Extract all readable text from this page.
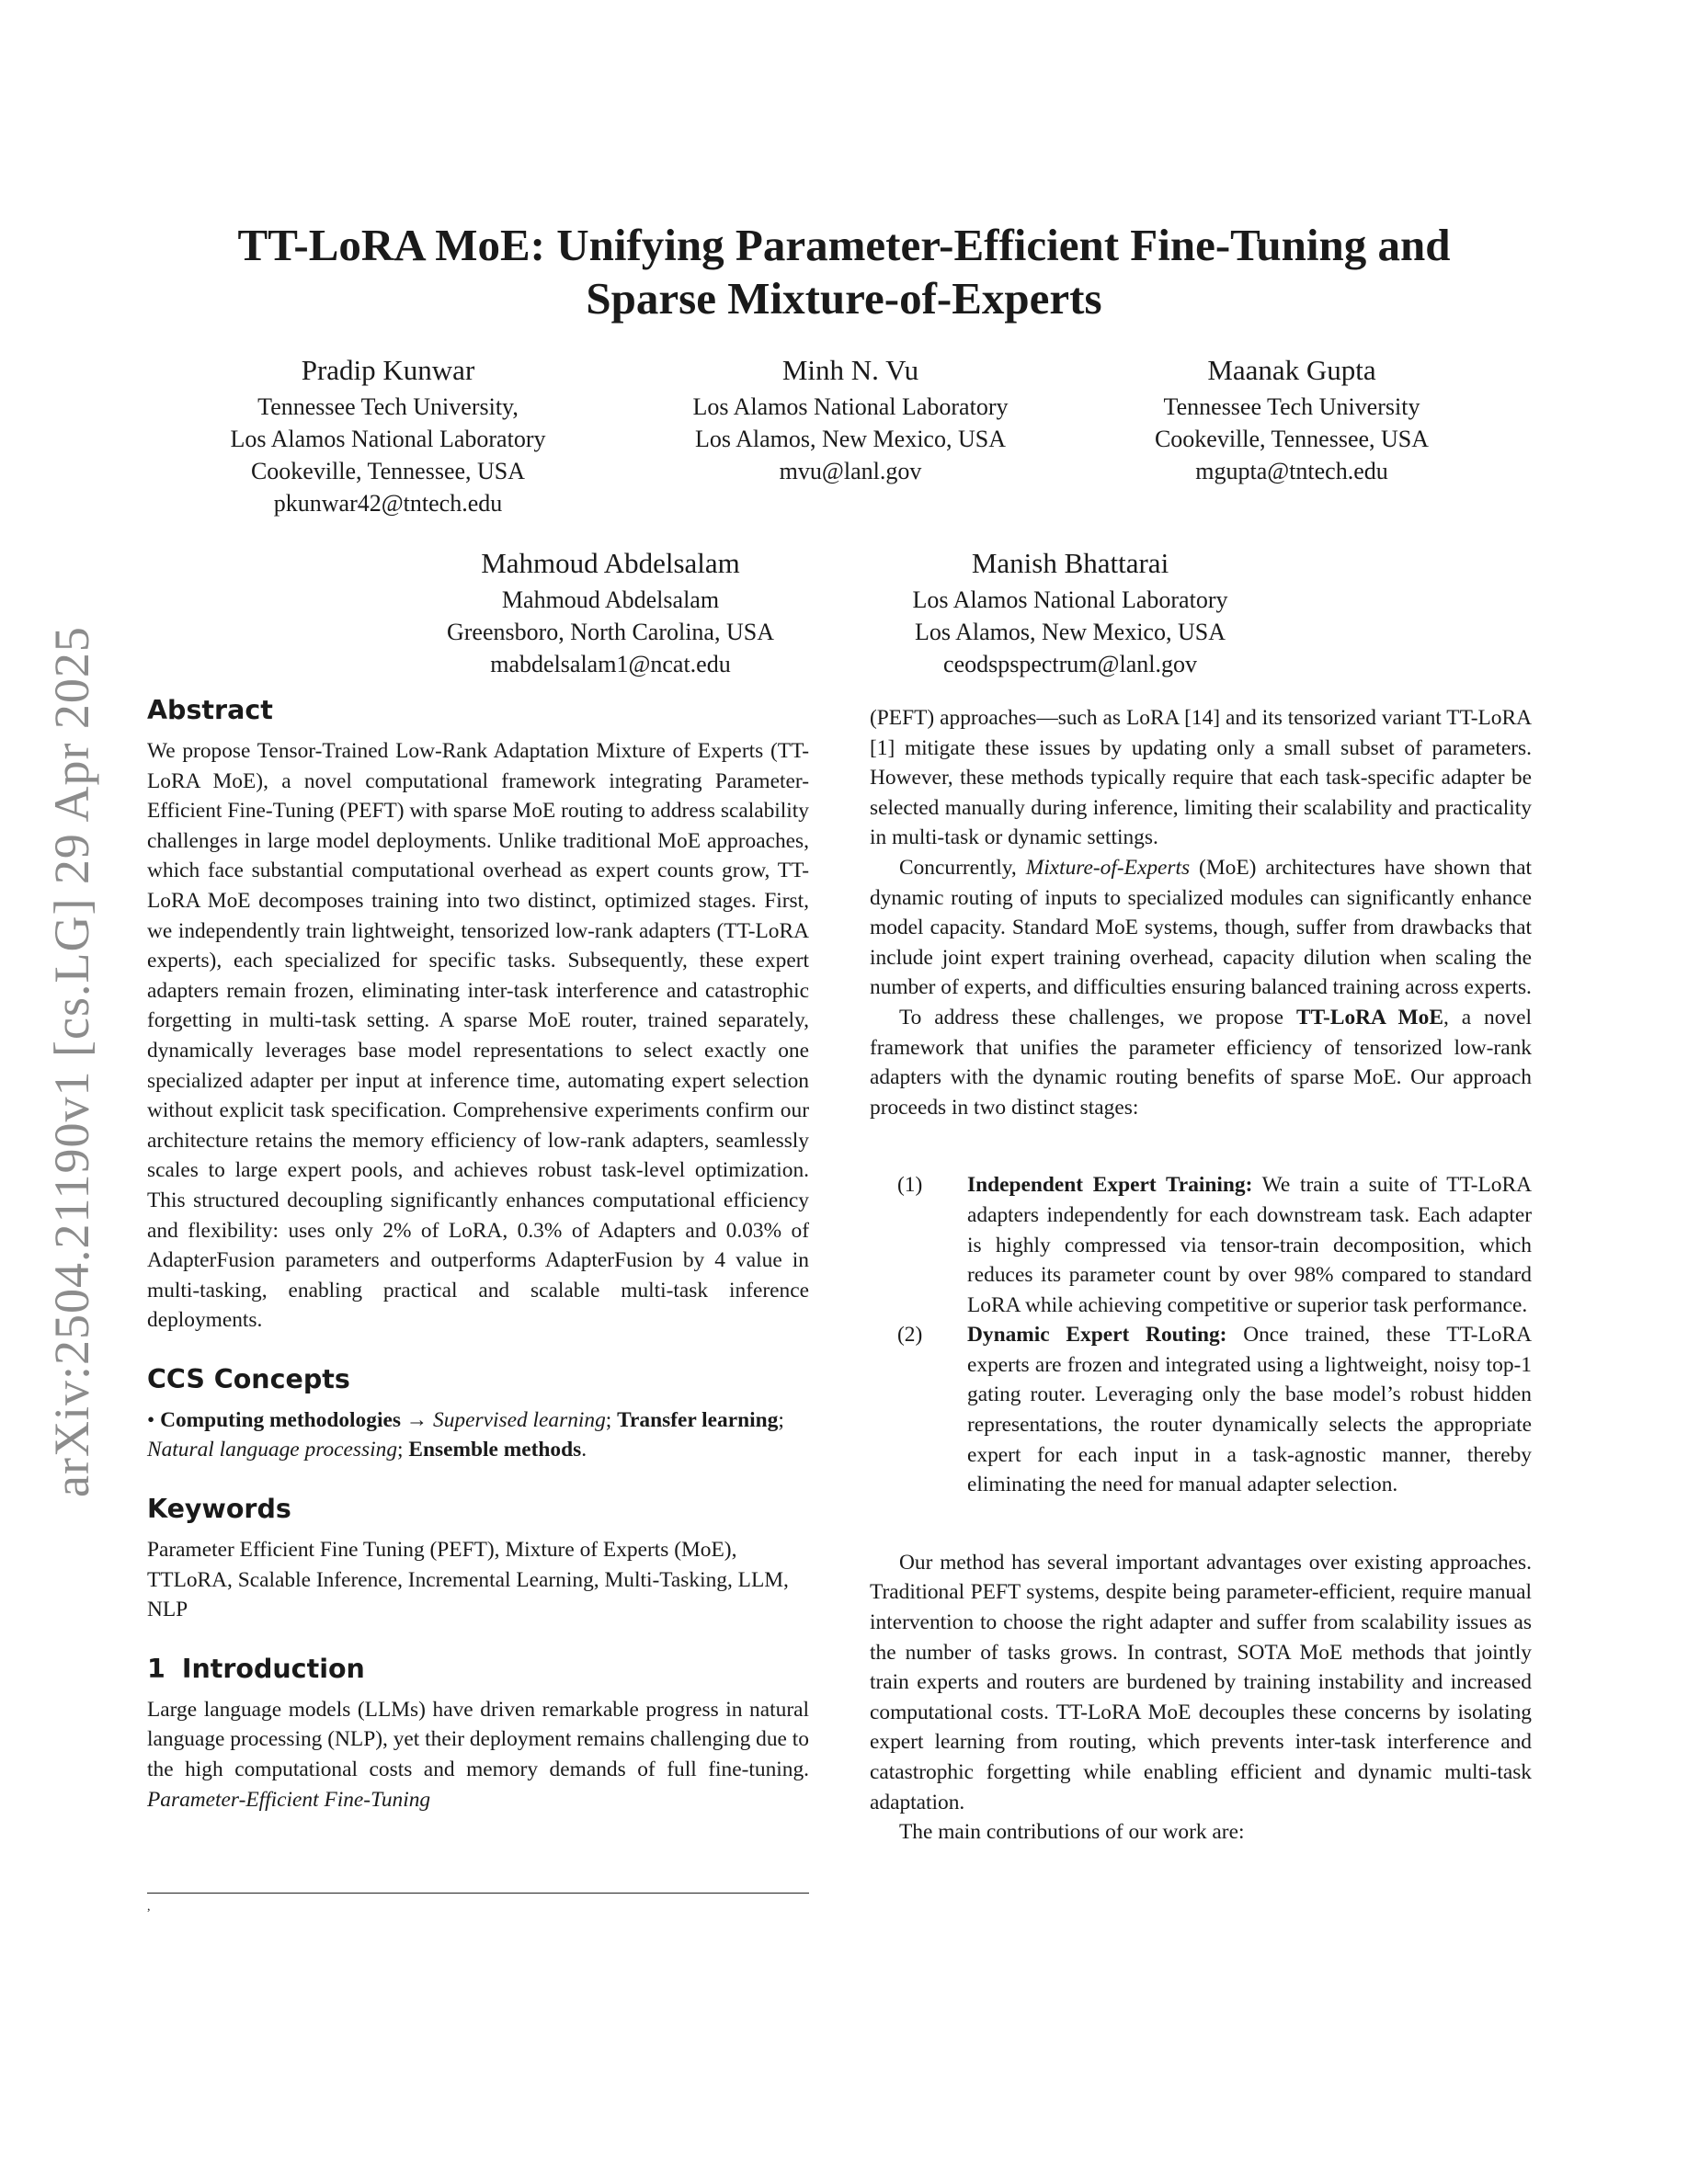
arXiv:2504.21190v1 [cs.LG] 29 Apr 2025
TT-LoRA MoE: Unifying Parameter-Efficient Fine-Tuning and
Sparse Mixture-of-Experts
Pradip Kunwar
Tennessee Tech University,
Los Alamos National Laboratory
Cookeville, Tennessee, USA
pkunwar42@tntech.edu
Minh N. Vu
Los Alamos National Laboratory
Los Alamos, New Mexico, USA
mvu@lanl.gov
Maanak Gupta
Tennessee Tech University
Cookeville, Tennessee, USA
mgupta@tntech.edu
Mahmoud Abdelsalam
Mahmoud Abdelsalam
Greensboro, North Carolina, USA
mabdelsalam1@ncat.edu
Manish Bhattarai
Los Alamos National Laboratory
Los Alamos, New Mexico, USA
ceodspspectrum@lanl.gov
Abstract

We propose Tensor-Trained Low-Rank Adaptation Mixture of Experts (TT-LoRA MoE), a novel computational framework integrating Parameter-Efficient Fine-Tuning (PEFT) with sparse MoE routing to address scalability challenges in large model deployments. Unlike traditional MoE approaches, which face substantial computational overhead as expert counts grow, TT-LoRA MoE decomposes training into two distinct, optimized stages. First, we independently train lightweight, tensorized low-rank adapters (TT-LoRA experts), each specialized for specific tasks. Subsequently, these expert adapters remain frozen, eliminating inter-task interference and catastrophic forgetting in multi-task setting. A sparse MoE router, trained separately, dynamically leverages base model representations to select exactly one specialized adapter per input at inference time, automating expert selection without explicit task specification. Comprehensive experiments confirm our architecture retains the memory efficiency of low-rank adapters, seamlessly scales to large expert pools, and achieves robust task-level optimization. This structured decoupling significantly enhances computational efficiency and flexibility: uses only 2% of LoRA, 0.3% of Adapters and 0.03% of AdapterFusion parameters and outperforms AdapterFusion by 4 value in multi-tasking, enabling practical and scalable multi-task inference deployments.

CCS Concepts

• Computing methodologies → Supervised learning; Transfer learning; Natural language processing; Ensemble methods.

Keywords

Parameter Efficient Fine Tuning (PEFT), Mixture of Experts (MoE), TTLoRA, Scalable Inference, Incremental Learning, Multi-Tasking, LLM, NLP

1 Introduction

Large language models (LLMs) have driven remarkable progress in natural language processing (NLP), yet their deployment remains challenging due to the high computational costs and memory demands of full fine-tuning. Parameter-Efficient Fine-Tuning

,

(PEFT) approaches—such as LoRA [14] and its tensorized variant TT-LoRA [1] mitigate these issues by updating only a small subset of parameters. However, these methods typically require that each task-specific adapter be selected manually during inference, limiting their scalability and practicality in multi-task or dynamic settings.

Concurrently, Mixture-of-Experts (MoE) architectures have shown that dynamic routing of inputs to specialized modules can significantly enhance model capacity. Standard MoE systems, though, suffer from drawbacks that include joint expert training overhead, capacity dilution when scaling the number of experts, and difficulties ensuring balanced training across experts.

To address these challenges, we propose TT-LoRA MoE, a novel framework that unifies the parameter efficiency of tensorized low-rank adapters with the dynamic routing benefits of sparse MoE. Our approach proceeds in two distinct stages:

(1) Independent Expert Training: We train a suite of TT-LoRA adapters independently for each downstream task. Each adapter is highly compressed via tensor-train decomposition, which reduces its parameter count by over 98% compared to standard LoRA while achieving competitive or superior task performance.
(2) Dynamic Expert Routing: Once trained, these TT-LoRA experts are frozen and integrated using a lightweight, noisy top-1 gating router. Leveraging only the base model’s robust hidden representations, the router dynamically selects the appropriate expert for each input in a task-agnostic manner, thereby eliminating the need for manual adapter selection.

Our method has several important advantages over existing approaches. Traditional PEFT systems, despite being parameter-efficient, require manual intervention to choose the right adapter and suffer from scalability issues as the number of tasks grows. In contrast, SOTA MoE methods that jointly train experts and routers are burdened by training instability and increased computational costs. TT-LoRA MoE decouples these concerns by isolating expert learning from routing, which prevents inter-task interference and catastrophic forgetting while enabling efficient and dynamic multi-task adaptation.

The main contributions of our work are:
